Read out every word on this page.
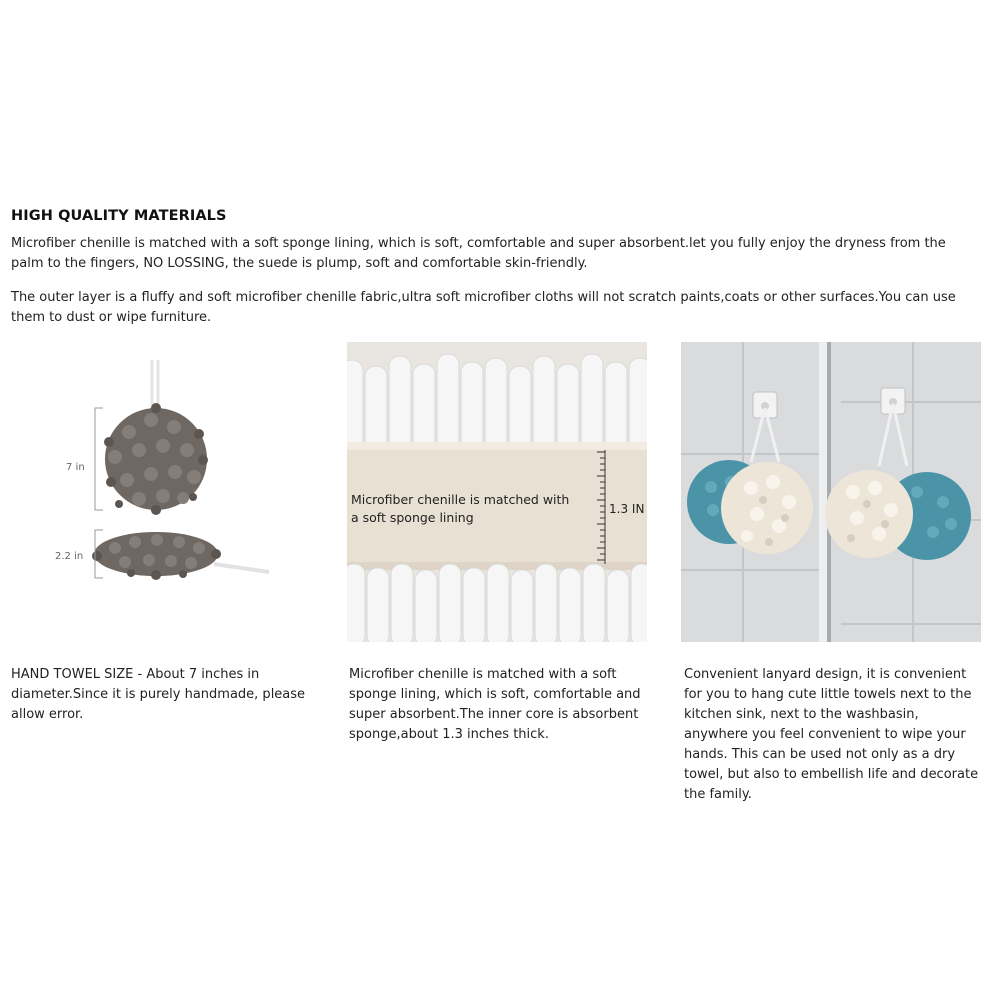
HIGH QUALITY MATERIALS

Microfiber chenille is matched with a soft sponge lining, which is soft, comfortable and super absorbent.let you fully enjoy the dryness from the palm to the fingers, NO LOSSING, the suede is plump, soft and comfortable skin-friendly.

The outer layer is a fluffy and soft microfiber chenille fabric,ultra soft microfiber cloths will not scratch paints,coats or other surfaces.You can use them to dust or wipe furniture.

7 in
2.2 in
Microfiber chenille is matched with
a soft sponge lining
1.3 IN

HAND TOWEL SIZE - About 7 inches in diameter.Since it is purely handmade, please allow error.

Microfiber chenille is matched with a soft sponge lining, which is soft, comfortable and super absorbent.The inner core is absorbent sponge,about 1.3 inches thick.

Convenient lanyard design, it is convenient for you to hang cute little towels next to the kitchen sink, next to the washbasin, anywhere you feel convenient to wipe your hands. This can be used not only as a dry towel, but also to embellish life and decorate the family.
